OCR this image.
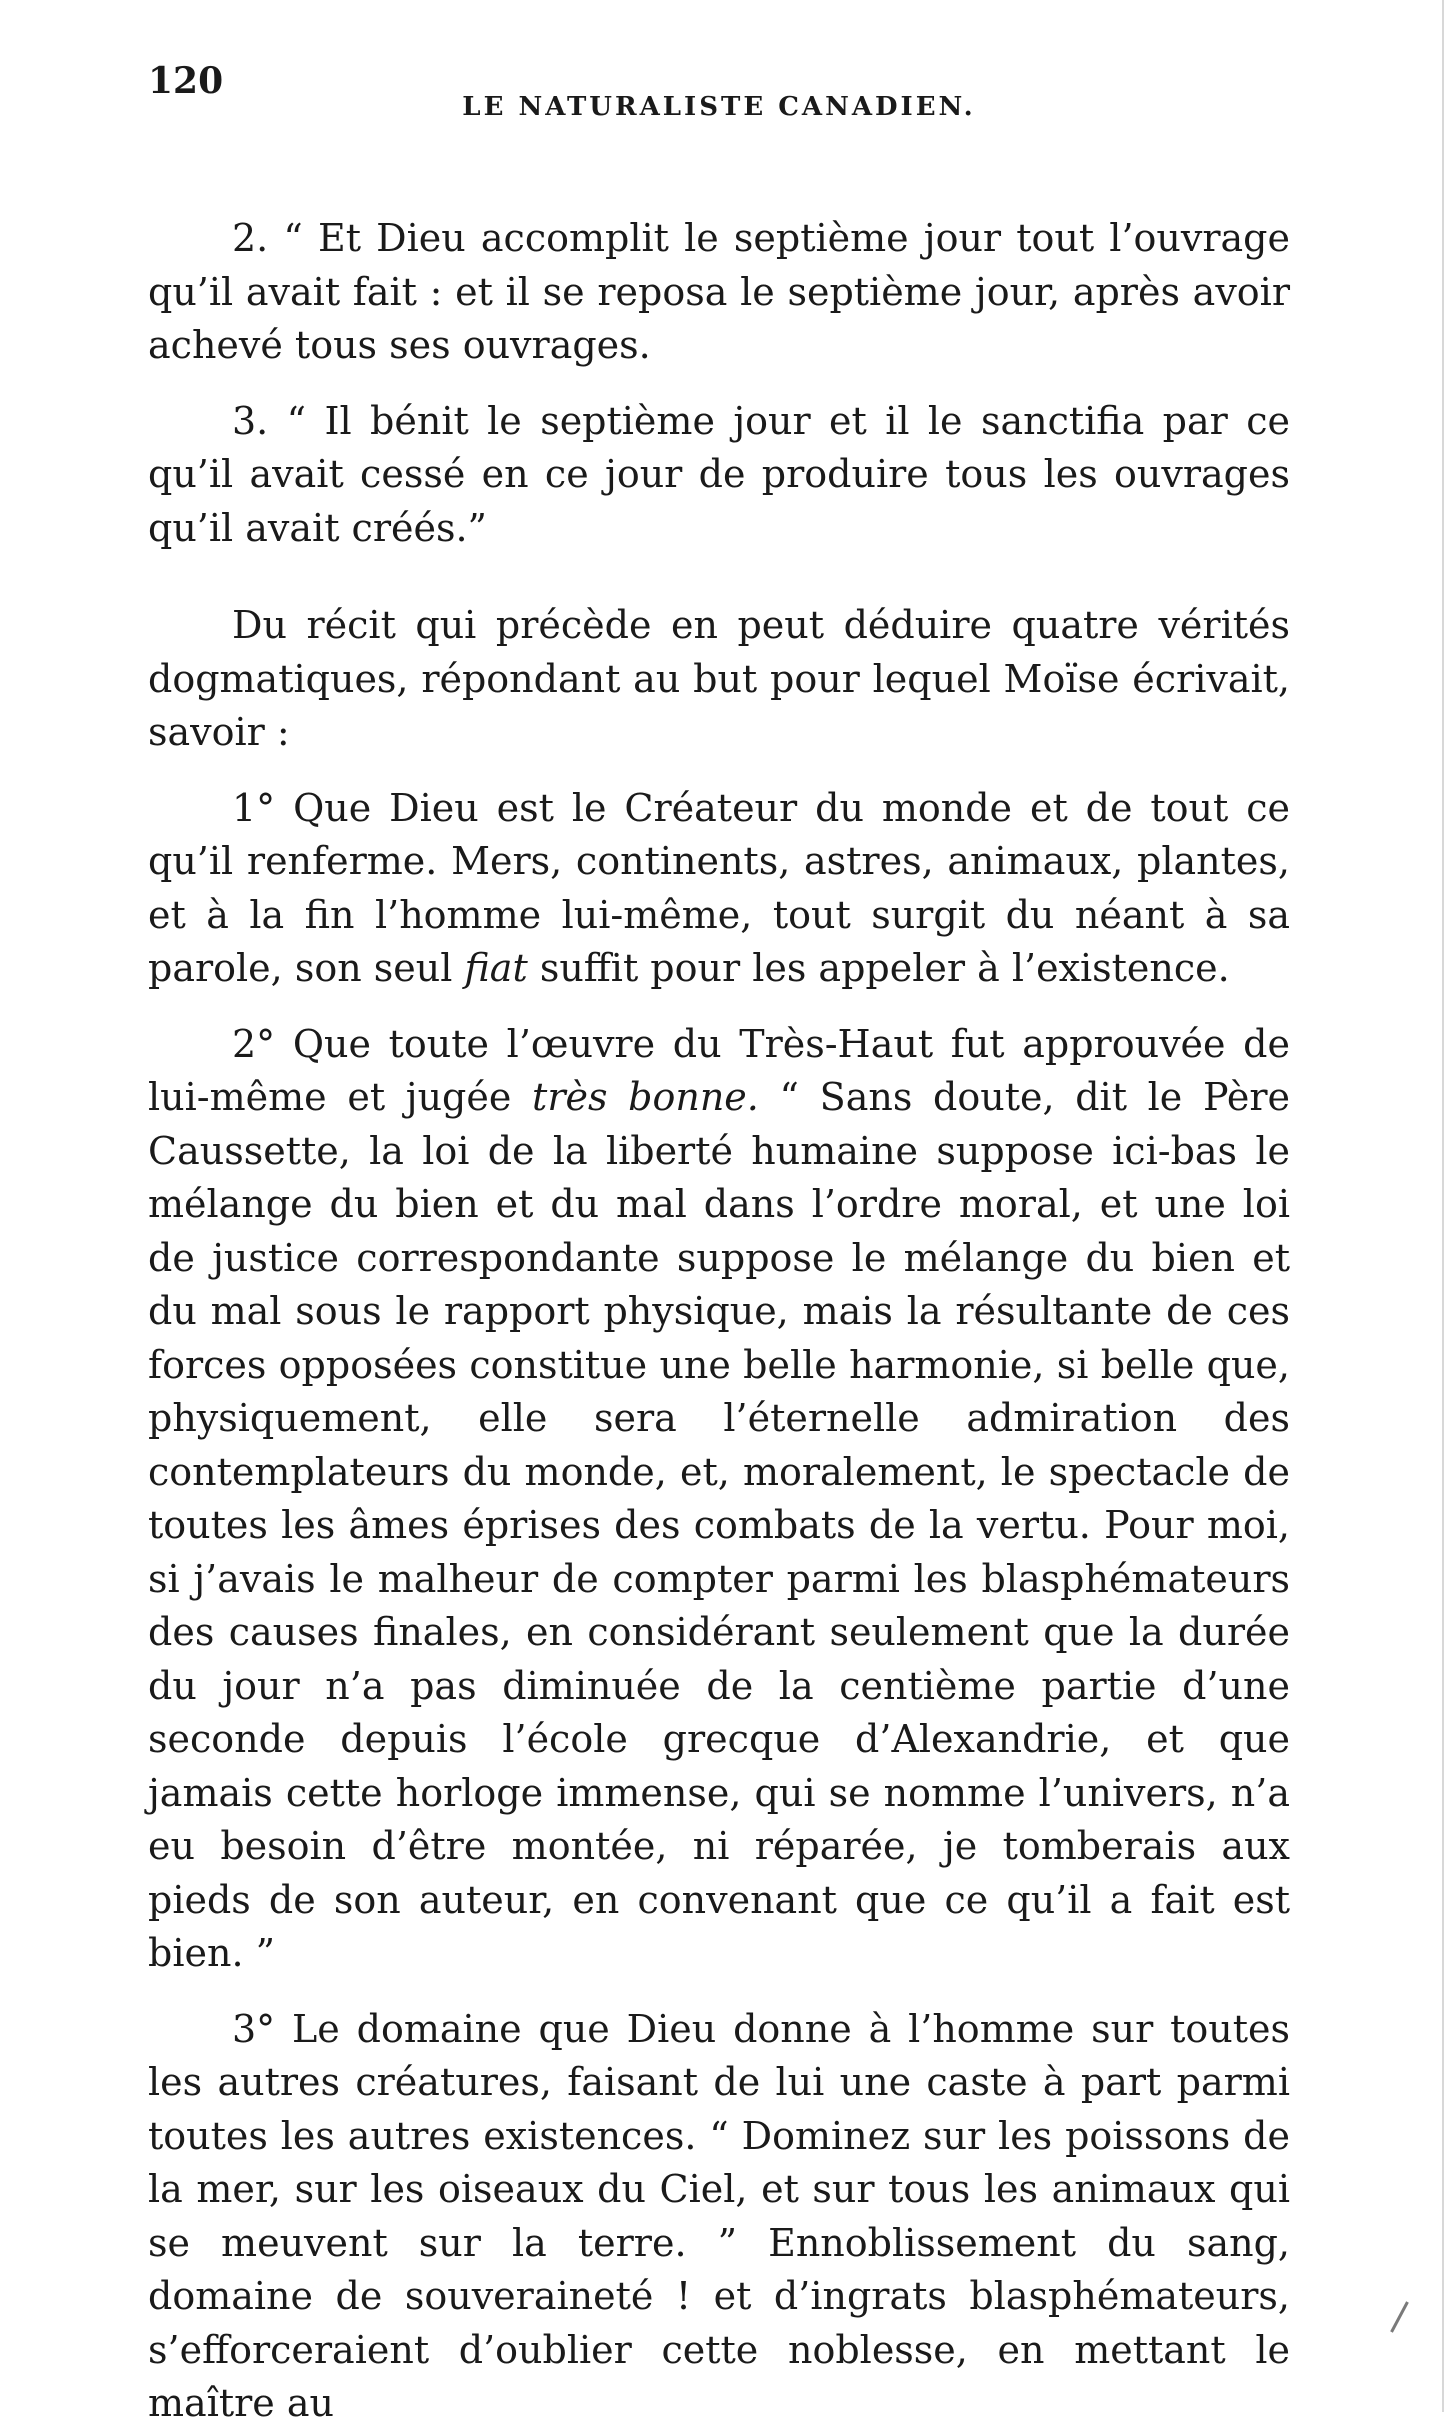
120
LE NATURALISTE CANADIEN.

2. “ Et Dieu accomplit le septième jour tout l’ouvrage qu’il avait fait : et il se reposa le septième jour, après avoir achevé tous ses ouvrages.

3. “ Il bénit le septième jour et il le sanctifia par ce qu’il avait cessé en ce jour de produire tous les ouvrages qu’il avait créés.”

Du récit qui précède en peut déduire quatre vérités dogmatiques, répondant au but pour lequel Moïse écrivait, savoir :

1° Que Dieu est le Créateur du monde et de tout ce qu’il renferme. Mers, continents, astres, animaux, plantes, et à la fin l’homme lui-même, tout surgit du néant à sa parole, son seul fiat suffit pour les appeler à l’existence.

2° Que toute l’œuvre du Très-Haut fut approuvée de lui-même et jugée très bonne. “ Sans doute, dit le Père Caussette, la loi de la liberté humaine suppose ici-bas le mélange du bien et du mal dans l’ordre moral, et une loi de justice correspondante suppose le mélange du bien et du mal sous le rapport physique, mais la résultante de ces forces opposées constitue une belle harmonie, si belle que, physiquement, elle sera l’éternelle admiration des contemplateurs du monde, et, moralement, le spectacle de toutes les âmes éprises des combats de la vertu. Pour moi, si j’avais le malheur de compter parmi les blasphémateurs des causes finales, en considérant seulement que la durée du jour n’a pas diminuée de la centième partie d’une seconde depuis l’école grecque d’Alexandrie, et que jamais cette horloge immense, qui se nomme l’univers, n’a eu besoin d’être montée, ni réparée, je tomberais aux pieds de son auteur, en convenant que ce qu’il a fait est bien. ”

3° Le domaine que Dieu donne à l’homme sur toutes les autres créatures, faisant de lui une caste à part parmi toutes les autres existences. “ Dominez sur les poissons de la mer, sur les oiseaux du Ciel, et sur tous les animaux qui se meuvent sur la terre. ” Ennoblissement du sang, domaine de souveraineté ! et d’ingrats blasphémateurs, s’efforceraient d’oublier cette noblesse, en mettant le maître au
